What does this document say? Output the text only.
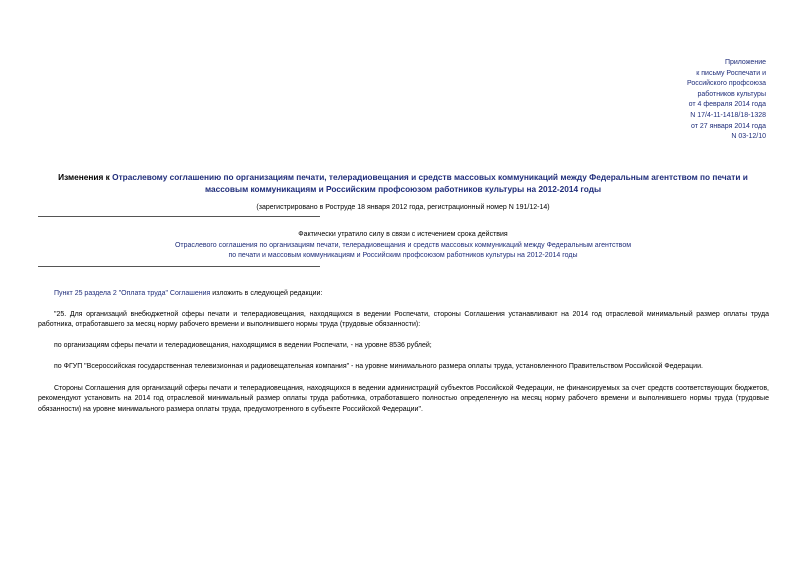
Приложение
к письму Роспечати и
Российского профсоюза
работников культуры
от 4 февраля 2014 года
N 17/4-11-1418/18-1328
от 27 января 2014 года
N 03-12/10
Изменения к Отраслевому соглашению по организациям печати, телерадиовещания и средств массовых коммуникаций между Федеральным агентством по печати и массовым коммуникациям и Российским профсоюзом работников культуры на 2012-2014 годы
(зарегистрировано в Роструде 18 января 2012 года, регистрационный номер N 191/12-14)
Фактически утратило силу в связи с истечением срока действия
Отраслевого соглашения по организациям печати, телерадиовещания и средств массовых коммуникаций между Федеральным агентством
по печати и массовым коммуникациям и Российским профсоюзом работников культуры на 2012-2014 годы
Пункт 25 раздела 2 "Оплата труда" Соглашения изложить в следующей редакции:
"25. Для организаций внебюджетной сферы печати и телерадиовещания, находящихся в ведении Роспечати, стороны Соглашения устанавливают на 2014 год отраслевой минимальный размер оплаты труда работника, отработавшего за месяц норму рабочего времени и выполнившего нормы труда (трудовые обязанности):
по организациям сферы печати и телерадиовещания, находящимся в ведении Роспечати, - на уровне 8536 рублей;
по ФГУП "Всероссийская государственная телевизионная и радиовещательная компания" - на уровне минимального размера оплаты труда, установленного Правительством Российской Федерации.
Стороны Соглашения для организаций сферы печати и телерадиовещания, находящихся в ведении администраций субъектов Российской Федерации, не финансируемых за счет средств соответствующих бюджетов, рекомендуют установить на 2014 год отраслевой минимальный размер оплаты труда работника, отработавшего полностью определенную на месяц норму рабочего времени и выполнившего нормы труда (трудовые обязанности) на уровне минимального размера оплаты труда, предусмотренного в субъекте Российской Федерации".
